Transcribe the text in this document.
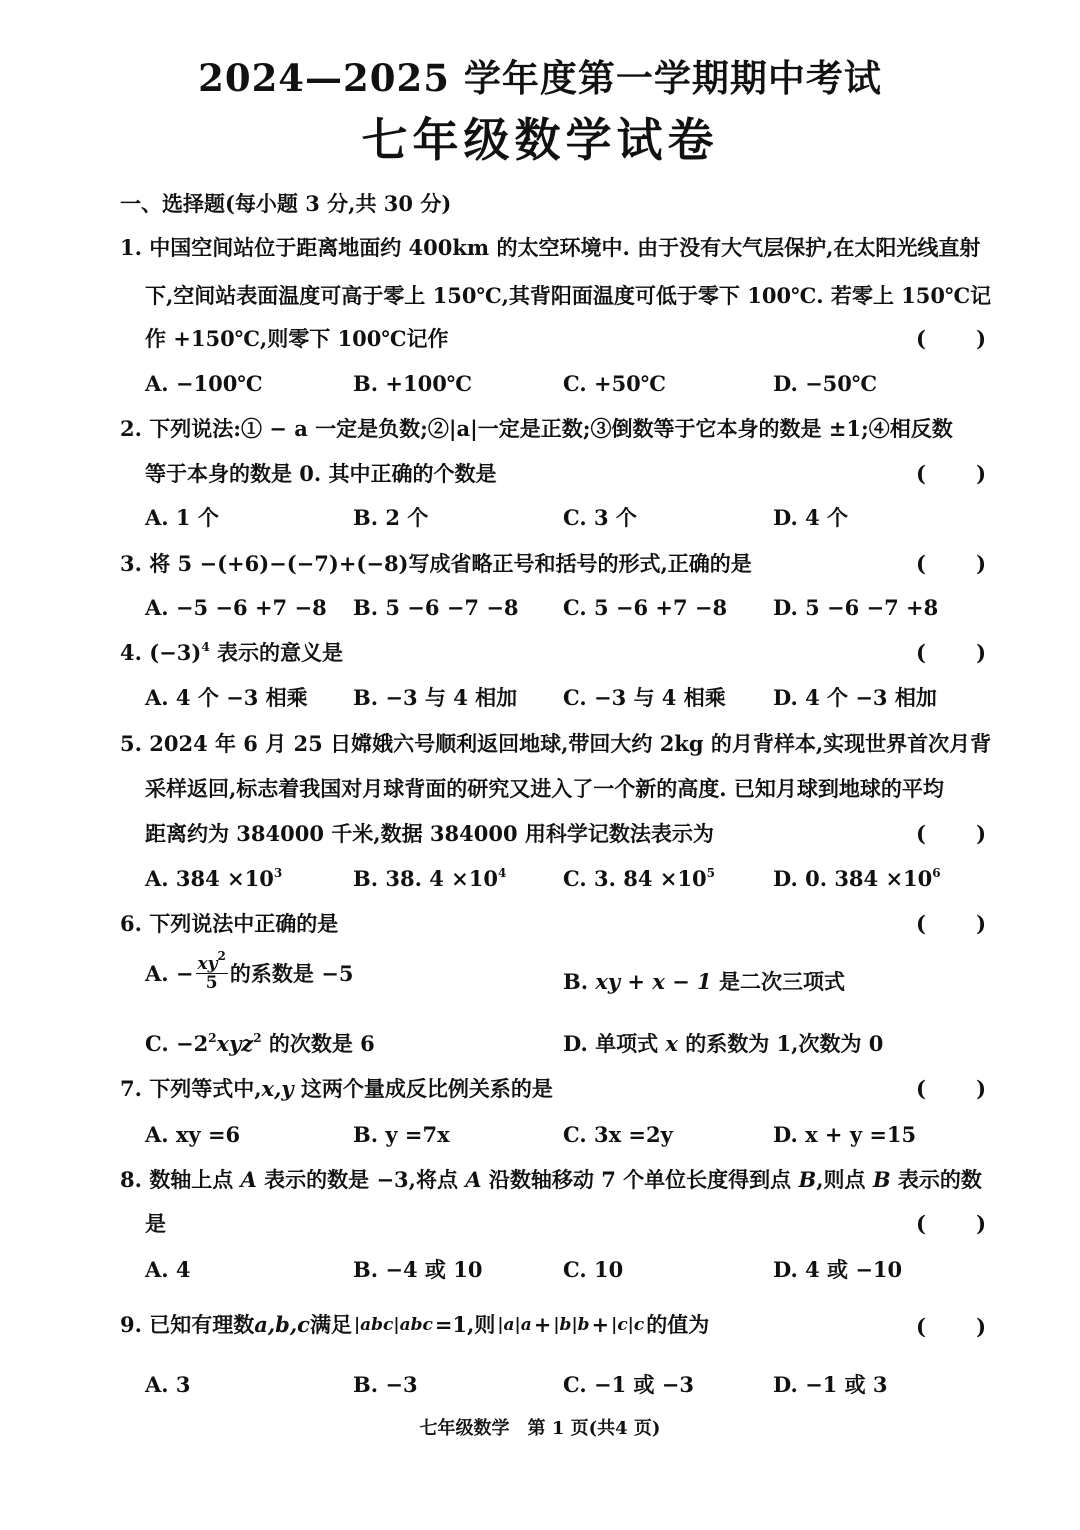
2024—2025 学年度第一学期期中考试
七年级数学试卷
一、选择题(每小题 3 分,共 30 分)
1. 中国空间站位于距离地面约 400km 的太空环境中. 由于没有大气层保护,在太阳光线直射
下,空间站表面温度可高于零上 150℃,其背阳面温度可低于零下 100℃. 若零上 150℃记
作 +150℃,则零下 100℃记作	( )
A. −100℃	B. +100℃	C. +50℃	D. −50℃
2. 下列说法:① − a 一定是负数;②|a|一定是正数;③倒数等于它本身的数是 ±1;④相反数
等于本身的数是 0. 其中正确的个数是	( )
A. 1 个	B. 2 个	C. 3 个	D. 4 个
3. 将 5 −(+6)−(−7)+(−8)写成省略正号和括号的形式,正确的是	( )
A. −5 −6 +7 −8 B. 5 −6 −7 −8 C. 5 −6 +7 −8 D. 5 −6 −7 +8
4. $(-3)^4$ 表示的意义是	( )
A. 4 个 −3 相乘 B. −3 与 4 相加 C. −3 与 4 相乘 D. 4 个 −3 相加
5. 2024 年 6 月 25 日嫦娥六号顺利返回地球,带回大约 2kg 的月背样本,实现世界首次月背
采样返回,标志着我国对月球背面的研究又进入了一个新的高度. 已知月球到地球的平均
距离约为 384000 千米,数据 384000 用科学记数法表示为	( )
A. $384 \times 10^3$	B. 38. $4 \times 10^4$	C. 3. $84 \times 10^5$	D. 0. $384 \times 10^6$
6. 下列说法中正确的是	( )
A. − $\frac{xy^2}{5}$ 的系数是 −5	B. xy + x − 1 是二次三项式
C. $-2^2xyz^2$ 的次数是 6	D. 单项式 x 的系数为 1,次数为 0
7. 下列等式中,x,y 这两个量成反比例关系的是	( )
A. xy =6	B. y =7x	C. 3x =2y	D. x + y =15
8. 数轴上点 A 表示的数是 −3,将点 A 沿数轴移动 7 个单位长度得到点 B,则点 B 表示的数
是	( )
A. 4	B. −4 或 10	C. 10	D. 4 或 −10
9. 已知有理数 a,b,c 满足 |abc|abc =1,则 |a|a + |b|b + |c|c 的值为	( )
A. 3	B. −3	C. −1 或 −3	D. −1 或 3
七年级数学　第 1 页(共4 页)
